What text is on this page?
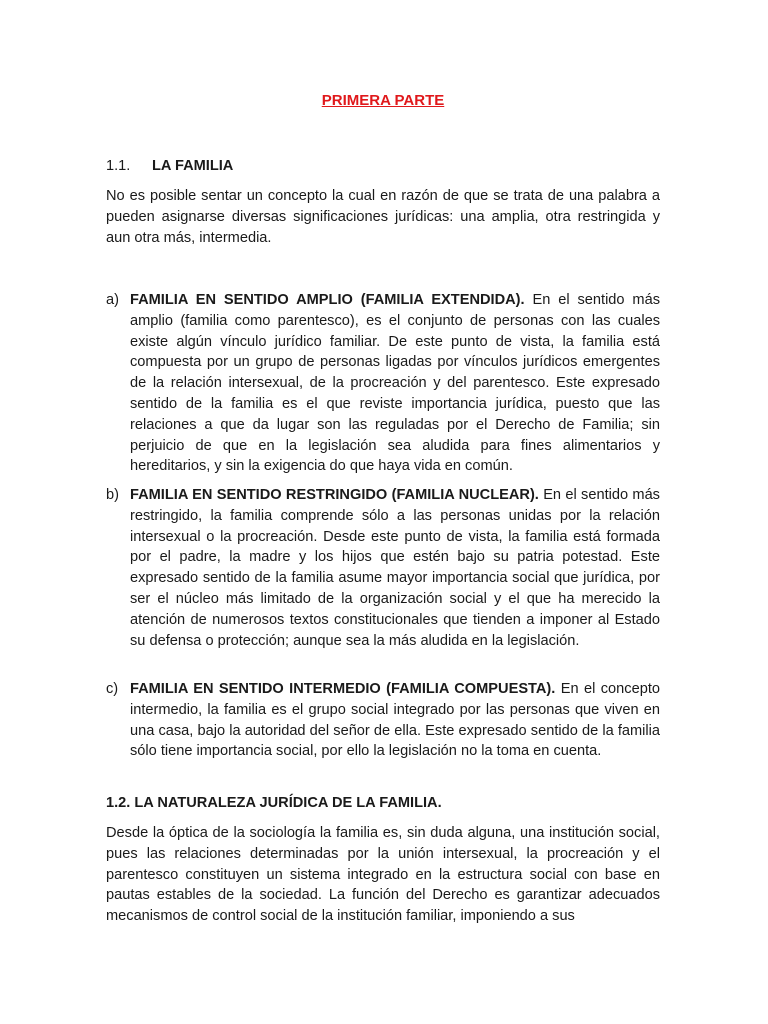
PRIMERA PARTE
1.1. LA FAMILIA

No es posible sentar un concepto la cual en razón de que se trata de una palabra a pueden asignarse diversas significaciones jurídicas: una amplia, otra restringida y aun otra más, intermedia.

a) FAMILIA EN SENTIDO AMPLIO (FAMILIA EXTENDIDA). En el sentido más amplio (familia como parentesco), es el conjunto de personas con las cuales existe algún vínculo jurídico familiar. De este punto de vista, la familia está compuesta por un grupo de personas ligadas por vínculos jurídicos emergentes de la relación intersexual, de la procreación y del parentesco. Este expresado sentido de la familia es el que reviste importancia jurídica, puesto que las relaciones a que da lugar son las reguladas por el Derecho de Familia; sin perjuicio de que en la legislación sea aludida para fines alimentarios y hereditarios, y sin la exigencia do que haya vida en común.

b) FAMILIA EN SENTIDO RESTRINGIDO (FAMILIA NUCLEAR). En el sentido más restringido, la familia comprende sólo a las personas unidas por la relación intersexual o la procreación. Desde este punto de vista, la familia está formada por el padre, la madre y los hijos que estén bajo su patria potestad. Este expresado sentido de la familia asume mayor importancia social que jurídica, por ser el núcleo más limitado de la organización social y el que ha merecido la atención de numerosos textos constitucionales que tienden a imponer al Estado su defensa o protección; aunque sea la más aludida en la legislación.

c) FAMILIA EN SENTIDO INTERMEDIO (FAMILIA COMPUESTA). En el concepto intermedio, la familia es el grupo social integrado por las personas que viven en una casa, bajo la autoridad del señor de ella. Este expresado sentido de la familia sólo tiene importancia social, por ello la legislación no la toma en cuenta.

1.2. LA NATURALEZA JURÍDICA DE LA FAMILIA.

Desde la óptica de la sociología la familia es, sin duda alguna, una institución social, pues las relaciones determinadas por la unión intersexual, la procreación y el parentesco constituyen un sistema integrado en la estructura social con base en pautas estables de la sociedad. La función del Derecho es garantizar adecuados mecanismos de control social de la institución familiar, imponiendo a sus
